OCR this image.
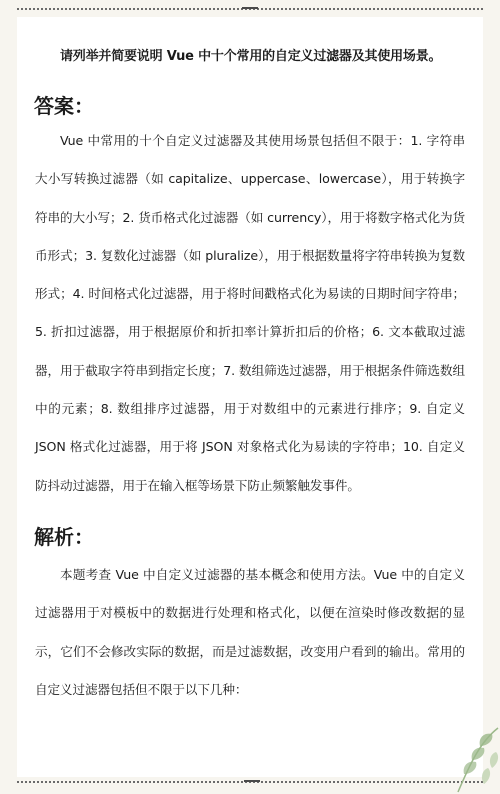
请列举并简要说明 Vue 中十个常用的自定义过滤器及其使用场景。
答案：
Vue 中常用的十个自定义过滤器及其使用场景包括但不限于：1. 字符串大小写转换过滤器（如 capitalize、uppercase、lowercase），用于转换字符串的大小写；2. 货币格式化过滤器（如 currency），用于将数字格式化为货币形式；3. 复数化过滤器（如 pluralize），用于根据数量将字符串转换为复数形式；4. 时间格式化过滤器，用于将时间戳格式化为易读的日期时间字符串；5. 折扣过滤器，用于根据原价和折扣率计算折扣后的价格；6. 文本截取过滤器，用于截取字符串到指定长度；7. 数组筛选过滤器，用于根据条件筛选数组中的元素；8. 数组排序过滤器，用于对数组中的元素进行排序；9. 自定义 JSON 格式化过滤器，用于将 JSON 对象格式化为易读的字符串；10. 自定义防抖动过滤器，用于在输入框等场景下防止频繁触发事件。
解析：
本题考查 Vue 中自定义过滤器的基本概念和使用方法。Vue 中的自定义过滤器用于对模板中的数据进行处理和格式化，以便在渲染时修改数据的显示，它们不会修改实际的数据，而是过滤数据，改变用户看到的输出。常用的自定义过滤器包括但不限于以下几种：
